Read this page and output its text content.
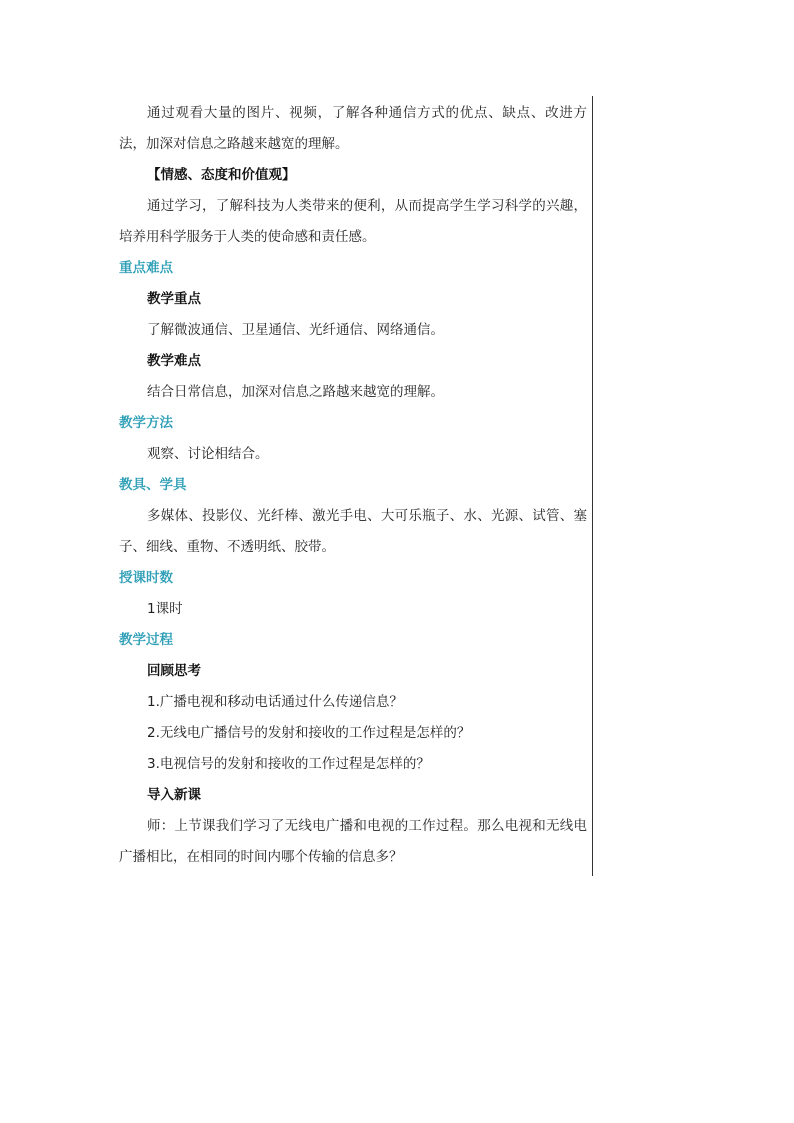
通过观看大量的图片、视频，了解各种通信方式的优点、缺点、改进方法，加深对信息之路越来越宽的理解。

【情感、态度和价值观】

通过学习，了解科技为人类带来的便利，从而提高学生学习科学的兴趣，培养用科学服务于人类的使命感和责任感。

重点难点

教学重点

了解微波通信、卫星通信、光纤通信、网络通信。

教学难点

结合日常信息，加深对信息之路越来越宽的理解。

教学方法

观察、讨论相结合。

教具、学具

多媒体、投影仪、光纤棒、激光手电、大可乐瓶子、水、光源、试管、塞子、细线、重物、不透明纸、胶带。

授课时数

1课时

教学过程

回顾思考

1.广播电视和移动电话通过什么传递信息？

2.无线电广播信号的发射和接收的工作过程是怎样的？

3.电视信号的发射和接收的工作过程是怎样的？

导入新课

师：上节课我们学习了无线电广播和电视的工作过程。那么电视和无线电广播相比，在相同的时间内哪个传输的信息多？
